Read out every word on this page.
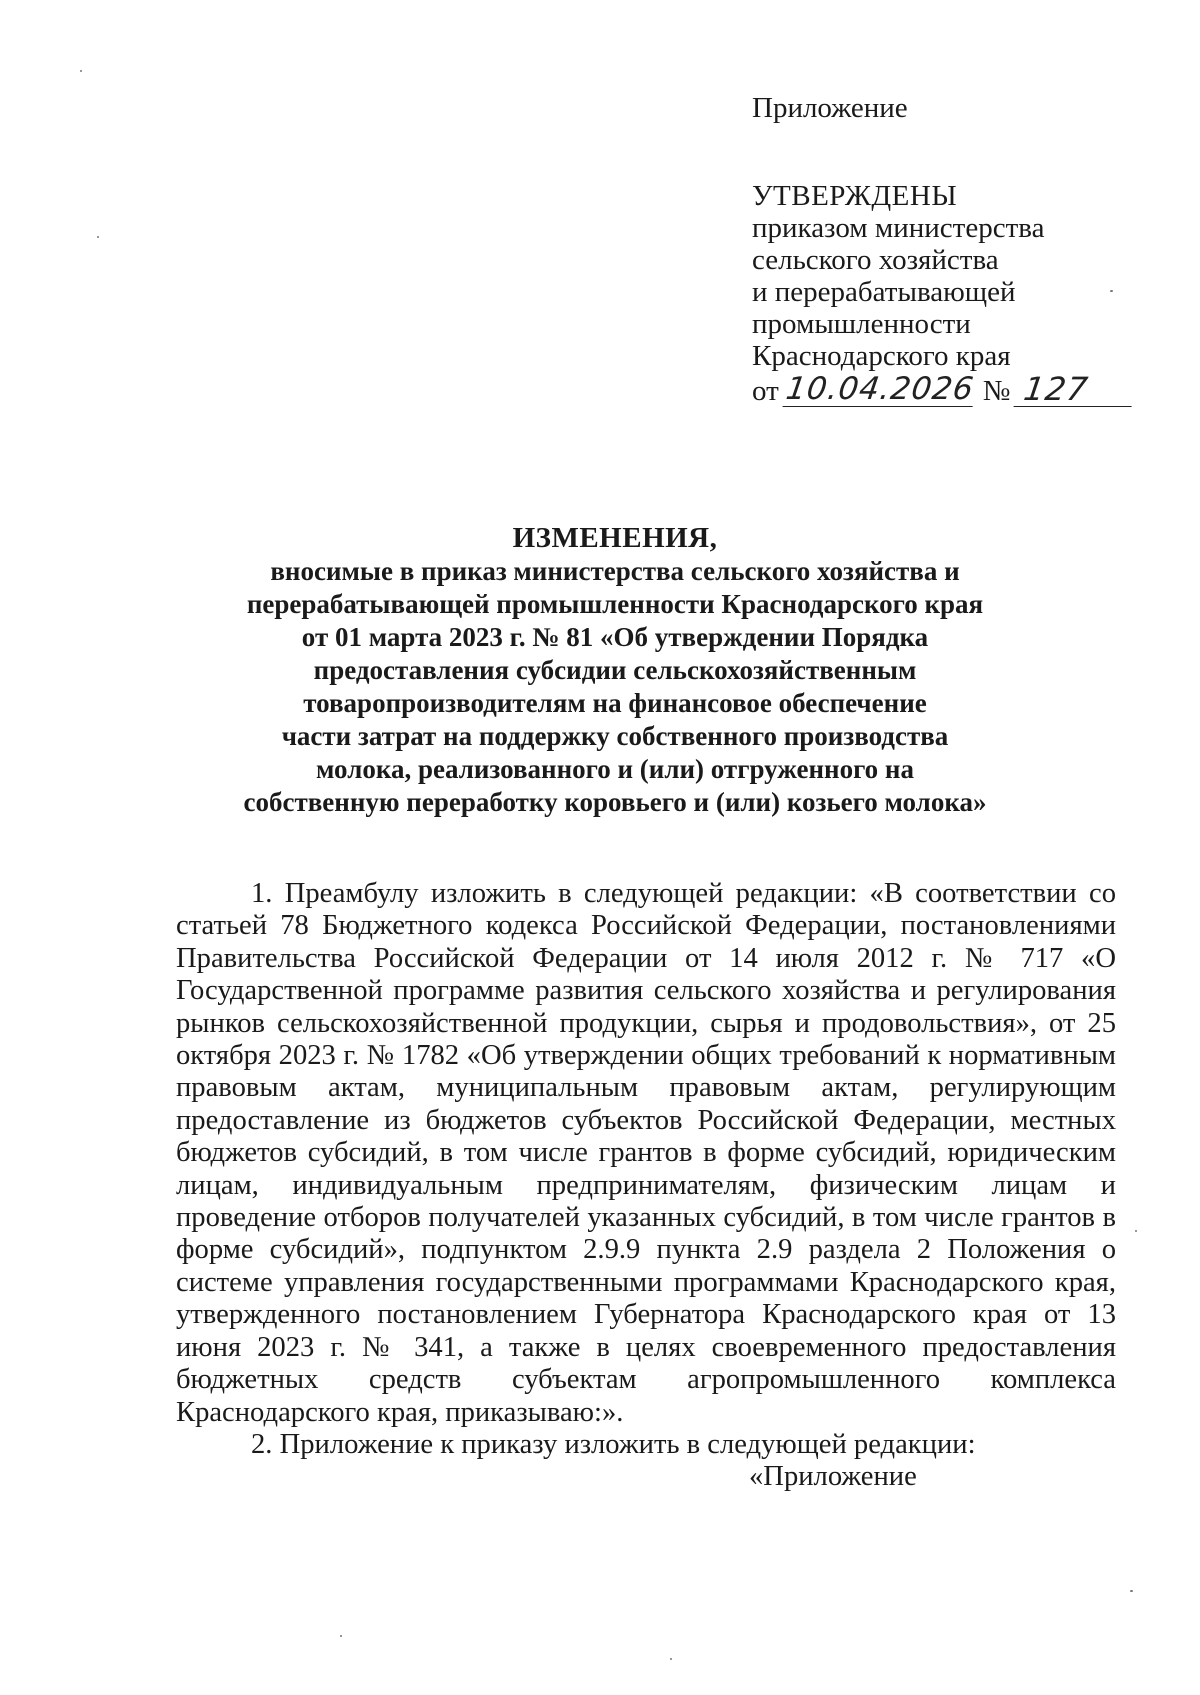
Приложение

УТВЕРЖДЕНЫ

приказом министерства

сельского хозяйства

и перерабатывающей

промышленности

Краснодарского края

от 10.04.2026 № 127

ИЗМЕНЕНИЯ,

вносимые в приказ министерства сельского хозяйства и

перерабатывающей промышленности Краснодарского края

от 01 марта 2023 г. № 81 «Об утверждении Порядка

предоставления субсидии сельскохозяйственным

товаропроизводителям на финансовое обеспечение

части затрат на поддержку собственного производства

молока, реализованного и (или) отгруженного на

собственную переработку коровьего и (или) козьего молока»

1. Преамбулу изложить в следующей редакции: «В соответствии со статьей 78 Бюджетного кодекса Российской Федерации, постановлениями Правительства Российской Федерации от 14 июля 2012 г. № 717 «О Государственной программе развития сельского хозяйства и регулирования рынков сельскохозяйственной продукции, сырья и продовольствия», от 25 октября 2023 г. № 1782 «Об утверждении общих требований к нормативным правовым актам, муниципальным правовым актам, регулирующим предоставление из бюджетов субъектов Российской Федерации, местных бюджетов субсидий, в том числе грантов в форме субсидий, юридическим лицам, индивидуальным предпринимателям, физическим лицам и проведение отборов получателей указанных субсидий, в том числе грантов в форме субсидий», подпунктом 2.9.9 пункта 2.9 раздела 2 Положения о системе управления государственными программами Краснодарского края, утвержденного постановлением Губернатора Краснодарского края от 13 июня 2023 г. № 341, а также в целях своевременного предоставления бюджетных средств субъектам агропромышленного комплекса Краснодарского края, приказываю:».

2. Приложение к приказу изложить в следующей редакции:

«Приложение
